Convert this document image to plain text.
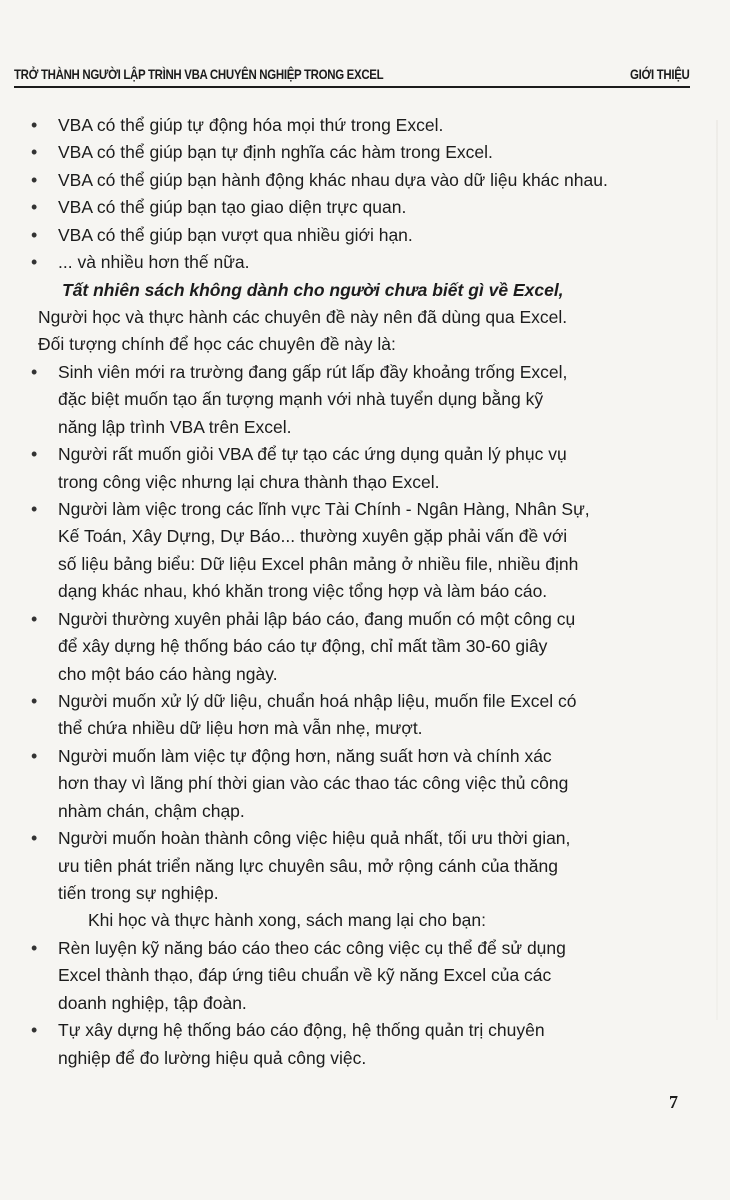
TRỞ THÀNH NGƯỜI LẬP TRÌNH VBA CHUYÊN NGHIỆP TRONG EXCEL	GIỚI THIỆU
• VBA có thể giúp tự động hóa mọi thứ trong Excel.
• VBA có thể giúp bạn tự định nghĩa các hàm trong Excel.
• VBA có thể giúp bạn hành động khác nhau dựa vào dữ liệu khác nhau.
• VBA có thể giúp bạn tạo giao diện trực quan.
• VBA có thể giúp bạn vượt qua nhiều giới hạn.
• ... và nhiều hơn thế nữa.
Tất nhiên sách không dành cho người chưa biết gì về Excel,
Người học và thực hành các chuyên đề này nên đã dùng qua Excel.
Đối tượng chính để học các chuyên đề này là:
• Sinh viên mới ra trường đang gấp rút lấp đầy khoảng trống Excel,
đặc biệt muốn tạo ấn tượng mạnh với nhà tuyển dụng bằng kỹ
năng lập trình VBA trên Excel.
• Người rất muốn giỏi VBA để tự tạo các ứng dụng quản lý phục vụ
trong công việc nhưng lại chưa thành thạo Excel.
• Người làm việc trong các lĩnh vực Tài Chính - Ngân Hàng, Nhân Sự,
Kế Toán, Xây Dựng, Dự Báo... thường xuyên gặp phải vấn đề với
số liệu bảng biểu: Dữ liệu Excel phân mảng ở nhiều file, nhiều định
dạng khác nhau, khó khăn trong việc tổng hợp và làm báo cáo.
• Người thường xuyên phải lập báo cáo, đang muốn có một công cụ
để xây dựng hệ thống báo cáo tự động, chỉ mất tầm 30-60 giây
cho một báo cáo hàng ngày.
• Người muốn xử lý dữ liệu, chuẩn hoá nhập liệu, muốn file Excel có
thể chứa nhiều dữ liệu hơn mà vẫn nhẹ, mượt.
• Người muốn làm việc tự động hơn, năng suất hơn và chính xác
hơn thay vì lãng phí thời gian vào các thao tác công việc thủ công
nhàm chán, chậm chạp.
• Người muốn hoàn thành công việc hiệu quả nhất, tối ưu thời gian,
ưu tiên phát triển năng lực chuyên sâu, mở rộng cánh của thăng
tiến trong sự nghiệp.
Khi học và thực hành xong, sách mang lại cho bạn:
• Rèn luyện kỹ năng báo cáo theo các công việc cụ thể để sử dụng
Excel thành thạo, đáp ứng tiêu chuẩn về kỹ năng Excel của các
doanh nghiệp, tập đoàn.
• Tự xây dựng hệ thống báo cáo động, hệ thống quản trị chuyên
nghiệp để đo lường hiệu quả công việc.
7
